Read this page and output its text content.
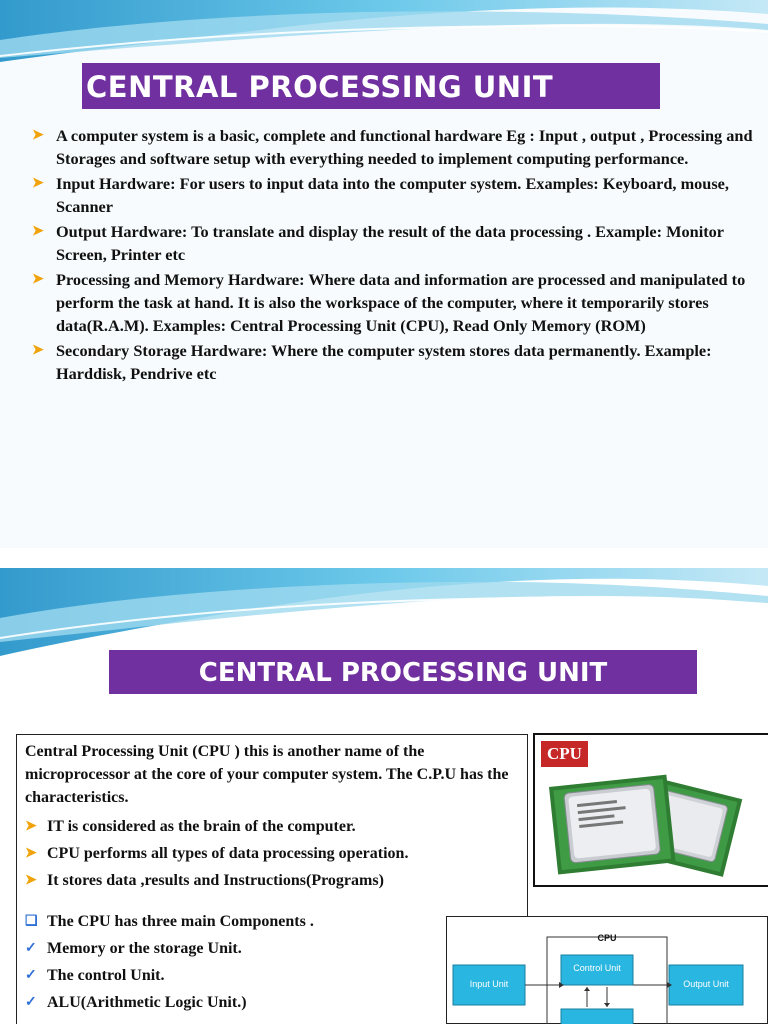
CENTRAL PROCESSING UNIT
➤ A computer system is a basic, complete and functional hardware Eg : Input , output , Processing and Storages and software setup with everything needed to implement computing performance.
➤ Input Hardware: For users to input data into the computer system. Examples: Keyboard, mouse, Scanner
➤ Output Hardware: To translate and display the result of the data processing . Example: Monitor Screen, Printer etc
➤ Processing and Memory Hardware: Where data and information are processed and manipulated to perform the task at hand. It is also the workspace of the computer, where it temporarily stores data(R.A.M). Examples: Central Processing Unit (CPU), Read Only Memory (ROM)
➤ Secondary Storage Hardware: Where the computer system stores data permanently. Example: Harddisk, Pendrive etc
CENTRAL PROCESSING UNIT

Central Processing Unit (CPU ) this is another name of the microprocessor at the core of your computer system. The C.P.U has the characteristics.

➤ IT is considered as the brain of the computer.
➤ CPU performs all types of data processing operation.
➤ It stores data ,results and Instructions(Programs)
❑ The CPU has three main Components .
✓ Memory or the storage Unit.
✓ The control Unit.
✓ ALU(Arithmetic Logic Unit.)
CPU
CPU
Input Unit
Control Unit
Output Unit
